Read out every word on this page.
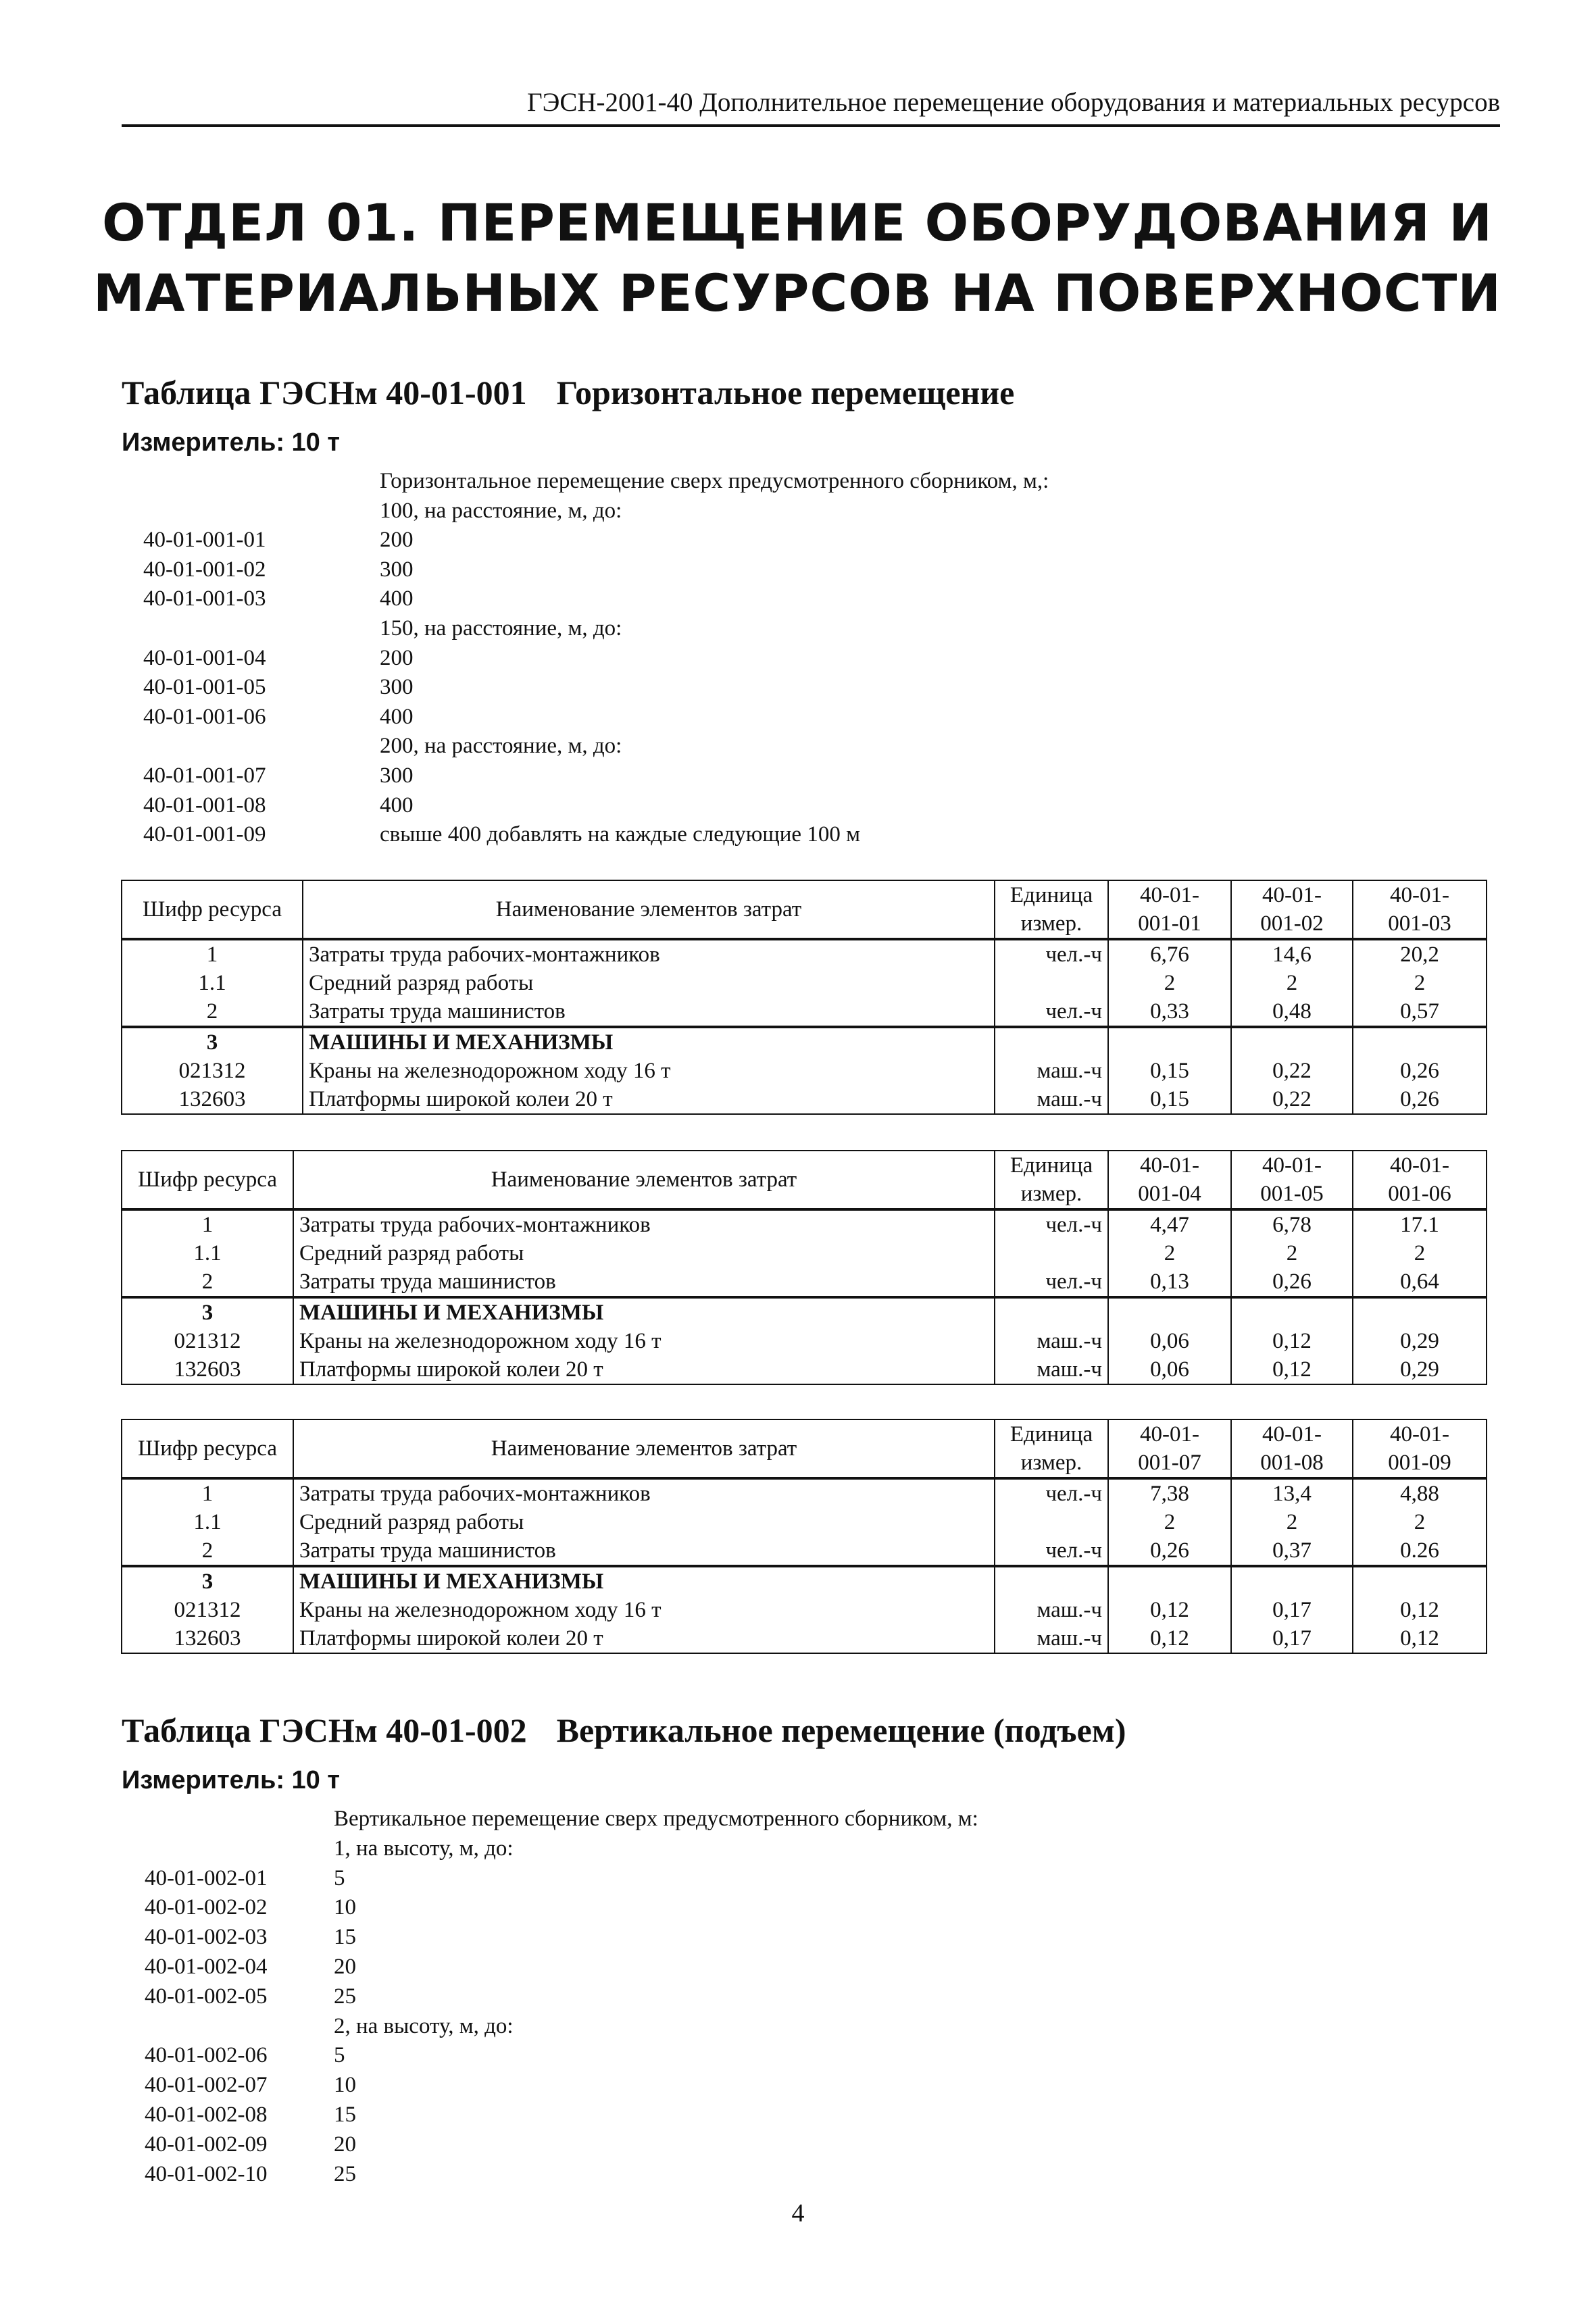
ГЭСН-2001-40 Дополнительное перемещение оборудования и материальных ресурсов
ОТДЕЛ 01. ПЕРЕМЕЩЕНИЕ ОБОРУДОВАНИЯ И
МАТЕРИАЛЬНЫХ РЕСУРСОВ НА ПОВЕРХНОСТИ
Таблица ГЭСНм 40-01-001 Горизонтальное перемещение
Измеритель: 10 т
Горизонтальное перемещение сверх предусмотренного сборником, м,:
100, на расстояние, м, до:
40-01-001-01	200
40-01-001-02	300
40-01-001-03	400
150, на расстояние, м, до:
40-01-001-04	200
40-01-001-05	300
40-01-001-06	400
200, на расстояние, м, до:
40-01-001-07	300
40-01-001-08	400
40-01-001-09	свыше 400 добавлять на каждые следующие 100 м
Шифр ресурса	Наименование элементов затрат	Единица	40-01-	40-01-	40-01-
		измер.	001-01	001-02	001-03
1	Затраты труда рабочих-монтажников	чел.-ч	6,76	14,6	20,2
1.1	Средний разряд работы		2	2	2
2	Затраты труда машинистов	чел.-ч	0,33	0,48	0,57
3	МАШИНЫ И МЕХАНИЗМЫ				
021312	Краны на железнодорожном ходу 16 т	маш.-ч	0,15	0,22	0,26
132603	Платформы широкой колеи 20 т	маш.-ч	0,15	0,22	0,26
Шифр ресурса	Наименование элементов затрат	Единица	40-01-	40-01-	40-01-
		измер.	001-04	001-05	001-06
1	Затраты труда рабочих-монтажников	чел.-ч	4,47	6,78	17.1
1.1	Средний разряд работы		2	2	2
2	Затраты труда машинистов	чел.-ч	0,13	0,26	0,64
3	МАШИНЫ И МЕХАНИЗМЫ				
021312	Краны на железнодорожном ходу 16 т	маш.-ч	0,06	0,12	0,29
132603	Платформы широкой колеи 20 т	маш.-ч	0,06	0,12	0,29
Шифр ресурса	Наименование элементов затрат	Единица	40-01-	40-01-	40-01-
		измер.	001-07	001-08	001-09
1	Затраты труда рабочих-монтажников	чел.-ч	7,38	13,4	4,88
1.1	Средний разряд работы		2	2	2
2	Затраты труда машинистов	чел.-ч	0,26	0,37	0.26
3	МАШИНЫ И МЕХАНИЗМЫ				
021312	Краны на железнодорожном ходу 16 т	маш.-ч	0,12	0,17	0,12
132603	Платформы широкой колеи 20 т	маш.-ч	0,12	0,17	0,12
Таблица ГЭСНм 40-01-002 Вертикальное перемещение (подъем)
Измеритель: 10 т
Вертикальное перемещение сверх предусмотренного сборником, м:
1, на высоту, м, до:
40-01-002-01	5
40-01-002-02	10
40-01-002-03	15
40-01-002-04	20
40-01-002-05	25
2, на высоту, м, до:
40-01-002-06	5
40-01-002-07	10
40-01-002-08	15
40-01-002-09	20
40-01-002-10	25
4
